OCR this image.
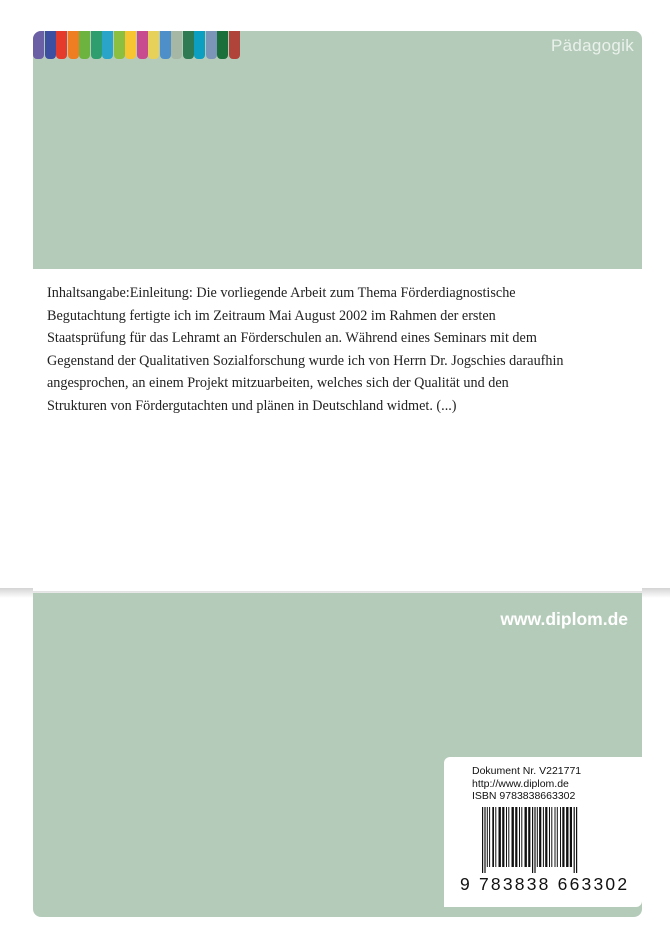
Pädagogik
Inhaltsangabe:Einleitung: Die vorliegende Arbeit zum Thema Förderdiagnostische
Begutachtung fertigte ich im Zeitraum Mai August 2002 im Rahmen der ersten
Staatsprüfung für das Lehramt an Förderschulen an. Während eines Seminars mit dem
Gegenstand der Qualitativen Sozialforschung wurde ich von Herrn Dr. Jogschies daraufhin
angesprochen, an einem Projekt mitzuarbeiten, welches sich der Qualität und den
Strukturen von Fördergutachten und plänen in Deutschland widmet. (...)
www.diplom.de
Dokument Nr. V221771
http://www.diplom.de
ISBN 9783838663302
9 783838 663302
